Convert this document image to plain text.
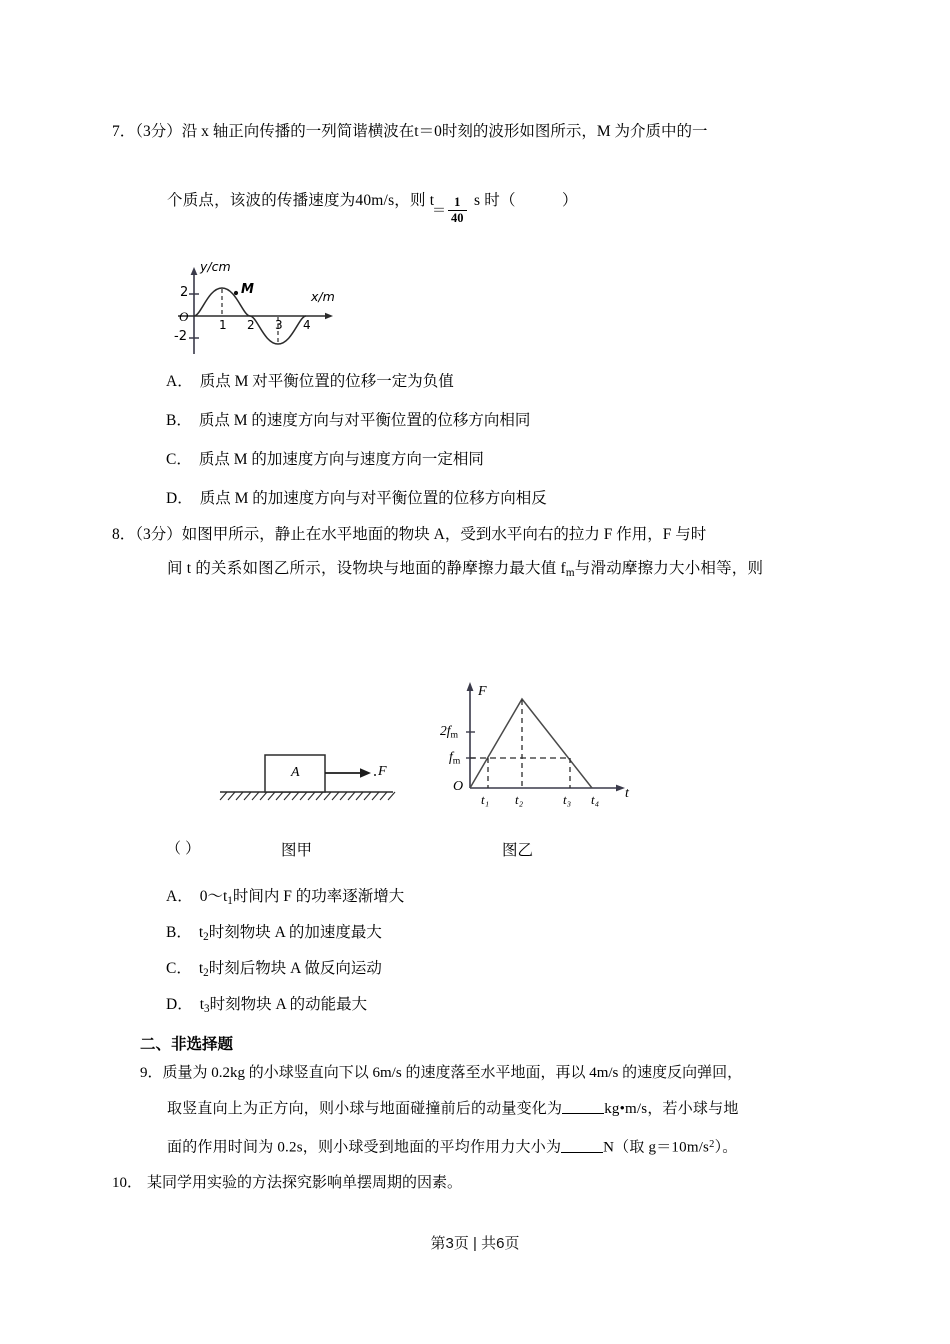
7．（3分）沿 x 轴正向传播的一列简谐横波在t＝0时刻的波形如图所示，M 为介质中的一
个质点，该波的传播速度为40m/s，则 t
＝ $\frac{1}{40}$ s 时（	）
y/cm
x/m
O
2
-2
1 2 3 4
M
A． 质点 M 对平衡位置的位移一定为负值
B． 质点 M 的速度方向与对平衡位置的位移方向相同
C． 质点 M 的加速度方向与速度方向一定相同
D． 质点 M 的加速度方向与对平衡位置的位移方向相反
8．（3分）如图甲所示，静止在水平地面的物块 A，受到水平向右的拉力 F 作用，F 与时
间 t 的关系如图乙所示，设物块与地面的静摩擦力最大值 $f_m$与滑动摩擦力大小相等，则
A	F
F
t
O
$2f_m$
$f_m$
t₁ t₂	t₃ t₄
（ ）	图甲	图乙
A． $0\sim t_1$时间内 F 的功率逐渐增大
B． $t_2$时刻物块 A 的加速度最大
C． $t_2$时刻后物块 A 做反向运动
D． $t_3$时刻物块 A 的动能最大
二、非选择题
9．质量为 0.2kg 的小球竖直向下以 6m/s 的速度落至水平地面，再以 4m/s 的速度反向弹回，
取竖直向上为正方向，则小球与地面碰撞前后的动量变化为	kg•m/s，若小球与地
面的作用时间为 0.2s，则小球受到地面的平均作用力大小为	N（取 $g=10m/s^2$）。
10． 某同学用实验的方法探究影响单摆周期的因素。
第3页 | 共6页
